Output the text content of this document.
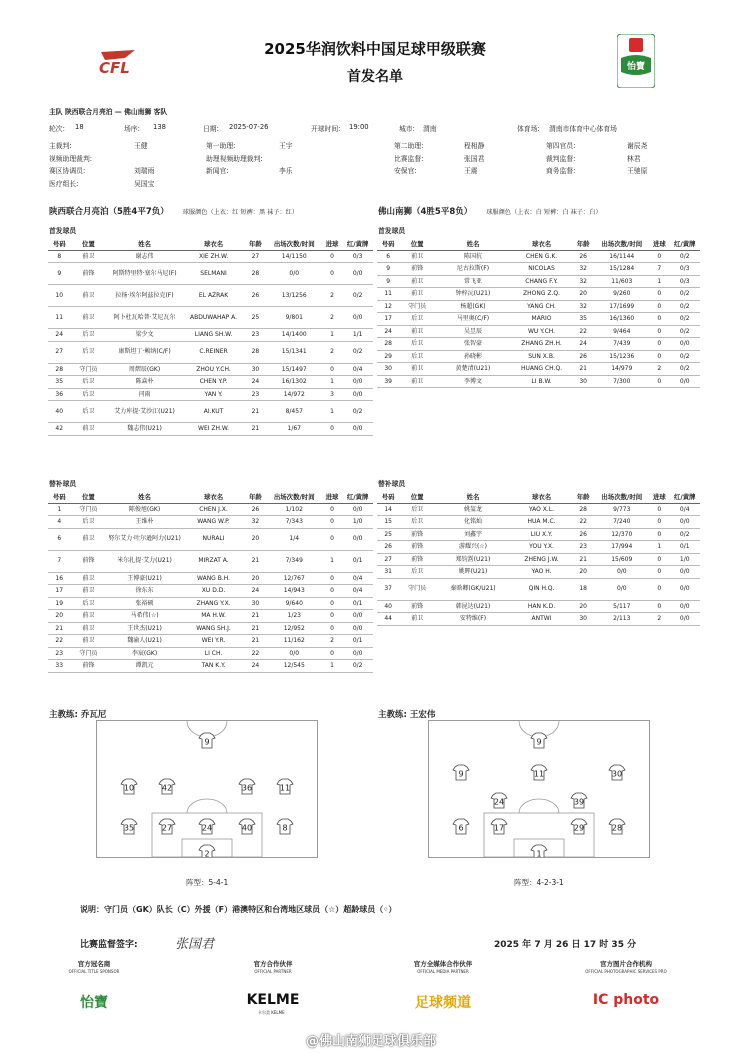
CFL
2025华润饮料中国足球甲级联赛
首发名单
怡寶
主队 陕西联合月亮泊 — 佛山南狮 客队
轮次: 18	场序: 138	日期: 2025-07-26	开球时间: 19:00	城市: 渭南	体育场: 渭南市体育中心体育场
主裁判:	王健	第一助理:	王宇	第二助理:	程相静	第四官员:	谢辰尧
视频助理裁判:	助理视频助理裁判:	比赛监督:	张国君	裁判监督:	林君
赛区协调员:	刘瑞雨	新闻官:	李乐	安保官:	王震	商务监督:	王驰原
医疗组长:	吴国宝
陕西联合月亮泊（5胜4平7负） 球服颜色（上衣：红 短裤：黑 袜子：红）	佛山南狮（4胜5平8负） 球服颜色（上衣：白 短裤：白 袜子：白）
首发球员	首发球员
号码	位置	姓名	球衣名	年龄	出场次数/时间	进球	红/黄牌
8	前卫	谢志伟	XIE ZH.W.	27	14/1150	0	0/3
9	前锋	阿斯特里特·塞尔马尼(F)	SELMANI	28	0/0	0	0/0
10	前卫	拉扬·埃尔阿兹拉克(F)	EL AZRAK	26	13/1256	2	0/2
11	前卫	阿卜杜瓦哈普·艾尼瓦尔	ABDUWAHAP A.	25	9/801	2	0/0
24	后卫	梁少文	LIANG SH.W.	23	14/1400	1	1/1
27	后卫	康斯坦丁·赖纳(C/F)	C.REINER	28	15/1341	2	0/2
28	守门员	周熠辰(GK)	ZHOU Y.CH.	30	15/1497	0	0/4
35	后卫	陈焱朴	CHEN Y.P.	24	16/1302	1	0/0
36	后卫	闫雨	YAN Y.	23	14/972	3	0/0
40	后卫	艾力库提·艾沙江(U21)	AI.KUT	21	8/457	1	0/2
42	前卫	魏志伟(U21)	WEI ZH.W.	21	1/67	0	0/0
号码	位置	姓名	球衣名	年龄	出场次数/时间	进球	红/黄牌
6	前卫	陈国抗	CHEN G.K.	26	16/1144	0	0/2
9	前锋	尼古拉斯(F)	NICOLAS	32	15/1284	7	0/3
9	前卫	常飞亚	CHANG F.Y.	32	11/603	1	0/3
11	前卫	钟梓沅(U21)	ZHONG Z.Q.	20	9/260	0	0/2
12	守门员	杨超(GK)	YANG CH.	32	17/1699	0	0/2
17	后卫	马里奥(C/F)	MARIO	35	16/1360	0	0/2
24	前卫	吴昱辰	WU Y.CH.	22	9/464	0	0/2
28	后卫	张智豪	ZHANG ZH.H.	24	7/439	0	0/0
29	后卫	孙晓彬	SUN X.B.	26	15/1236	0	0/2
30	前卫	黄楚清(U21)	HUANG CH.Q.	21	14/979	2	0/2
39	前卫	李博文	LI B.W.	30	7/300	0	0/0
替补球员	替补球员
号码	位置	姓名	球衣名	年龄	出场次数/时间	进球	红/黄牌
1	守门员	陈俊旭(GK)	CHEN J.X.	26	1/102	0	0/0
4	后卫	王维朴	WANG W.P.	32	7/343	0	1/0
6	前卫	努尔艾力·吐尔逊阿力(U21)	NURALI	20	1/4	0	0/0
7	前锋	米尔扎提·艾力(U21)	MIRZAT A.	21	7/349	1	0/1
16	前卫	王博豪(U21)	WANG B.H.	20	12/767	0	0/4
17	前卫	徐东东	XU D.D.	24	14/943	0	0/4
19	后卫	张裕硕	ZHANG Y.X.	30	9/640	0	0/1
20	前卫	马希伟(☆)	MA H.W.	21	1/23	0	0/0
21	前卫	王世杰(U21)	WANG SH.J.	21	12/952	0	0/0
22	前卫	魏渝人(U21)	WEI Y.R.	21	11/162	2	0/1
23	守门员	李宸(GK)	LI CH.	22	0/0	0	0/0
33	前锋	谭凯元	TAN K.Y.	24	12/545	1	0/2
号码	位置	姓名	球衣名	年龄	出场次数/时间	进球	红/黄牌
14	后卫	姚玺龙	YAO X.L.	28	9/773	0	0/4
15	后卫	化铭灿	HUA M.C.	22	7/240	0	0/0
25	前锋	刘鑫宇	LIU X.Y.	26	12/370	0	0/2
26	前锋	游耀兴(☆)	YOU Y.X.	23	17/994	1	0/1
27	前锋	郑钧霑(U21)	ZHENG J.W.	21	15/609	0	1/0
31	后卫	姚晖(U21)	YAO H.	20	0/0	0	0/0
37	守门员	秦晗卿(GK/U21)	QIN H.Q.	18	0/0	0	0/0
40	前锋	韩昆达(U21)	HAN K.D.	20	5/117	0	0/0
44	前卫	安特维(F)	ANTWI	30	2/113	2	0/0
主教练: 乔瓦尼	主教练: 王宏伟
9
10	42	36	11
35	27	24	40	8
2
9
9	11	30
24	39
6	17	29	28
1
阵型：5-4-1	阵型：4-2-3-1
说明：守门员（GK）队长（C）外援（F）港澳特区和台湾地区球员（☆）超龄球员（◦）
比赛监督签字:	张国君	2025 年 7 月 26 日 17 时 35 分
官方冠名商
OFFICIAL TITLE SPONSOR
怡寶
官方合作伙伴
OFFICIAL PARTNER
KELME
官方全媒体合作伙伴
OFFICIAL MEDIA PARTNER
足球频道
官方图片合作机构
OFFICIAL PHOTOGRAPHIC SERVICES PRO
IC photo
卡尔美 KELME
@佛山南狮足球俱乐部
